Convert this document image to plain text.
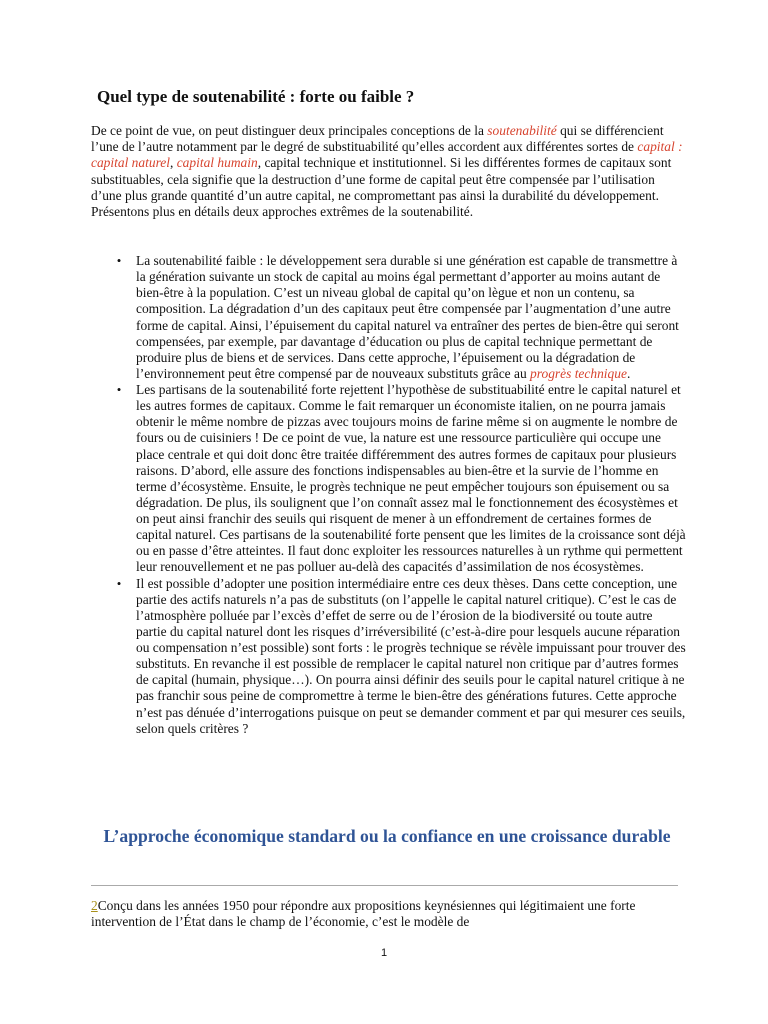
Quel type de soutenabilité : forte ou faible ?

De ce point de vue, on peut distinguer deux principales conceptions de la soutenabilité qui se différencient l’une de l’autre notamment par le degré de substituabilité qu’elles accordent aux différentes sortes de capital : capital naturel, capital humain, capital technique et institutionnel. Si les différentes formes de capitaux sont substituables, cela signifie que la destruction d’une forme de capital peut être compensée par l’utilisation d’une plus grande quantité d’un autre capital, ne compromettant pas ainsi la durabilité du développement. Présentons plus en détails deux approches extrêmes de la soutenabilité.

•	La soutenabilité faible : le développement sera durable si une génération est capable de transmettre à la génération suivante un stock de capital au moins égal permettant d’apporter au moins autant de bien-être à la population. C’est un niveau global de capital qu’on lègue et non un contenu, sa composition. La dégradation d’un des capitaux peut être compensée par l’augmentation d’une autre forme de capital. Ainsi, l’épuisement du capital naturel va entraîner des pertes de bien-être qui seront compensées, par exemple, par davantage d’éducation ou plus de capital technique permettant de produire plus de biens et de services. Dans cette approche, l’épuisement ou la dégradation de l’environnement peut être compensé par de nouveaux substituts grâce au progrès technique.
•	Les partisans de la soutenabilité forte rejettent l’hypothèse de substituabilité entre le capital naturel et les autres formes de capitaux. Comme le fait remarquer un économiste italien, on ne pourra jamais obtenir le même nombre de pizzas avec toujours moins de farine même si on augmente le nombre de fours ou de cuisiniers ! De ce point de vue, la nature est une ressource particulière qui occupe une place centrale et qui doit donc être traitée différemment des autres formes de capitaux pour plusieurs raisons. D’abord, elle assure des fonctions indispensables au bien-être et la survie de l’homme en terme d’écosystème. Ensuite, le progrès technique ne peut empêcher toujours son épuisement ou sa dégradation. De plus, ils soulignent que l’on connaît assez mal le fonctionnement des écosystèmes et on peut ainsi franchir des seuils qui risquent de mener à un effondrement de certaines formes de capital naturel. Ces partisans de la soutenabilité forte pensent que les limites de la croissance sont déjà ou en passe d’être atteintes. Il faut donc exploiter les ressources naturelles à un rythme qui permettent leur renouvellement et ne pas polluer au-delà des capacités d’assimilation de nos écosystèmes.
•	Il est possible d’adopter une position intermédiaire entre ces deux thèses. Dans cette conception, une partie des actifs naturels n’a pas de substituts (on l’appelle le capital naturel critique). C’est le cas de l’atmosphère polluée par l’excès d’effet de serre ou de l’érosion de la biodiversité ou toute autre partie du capital naturel dont les risques d’irréversibilité (c’est-à-dire pour lesquels aucune réparation ou compensation n’est possible) sont forts : le progrès technique se révèle impuissant pour trouver des substituts. En revanche il est possible de remplacer le capital naturel non critique par d’autres formes de capital (humain, physique…). On pourra ainsi définir des seuils pour le capital naturel critique à ne pas franchir sous peine de compromettre à terme le bien-être des générations futures. Cette approche n’est pas dénuée d’interrogations puisque on peut se demander comment et par qui mesurer ces seuils, selon quels critères ?
L’approche économique standard ou la confiance en une croissance durable

2Conçu dans les années 1950 pour répondre aux propositions keynésiennes qui légitimaient une forte intervention de l’État dans le champ de l’économie, c’est le modèle de

1
